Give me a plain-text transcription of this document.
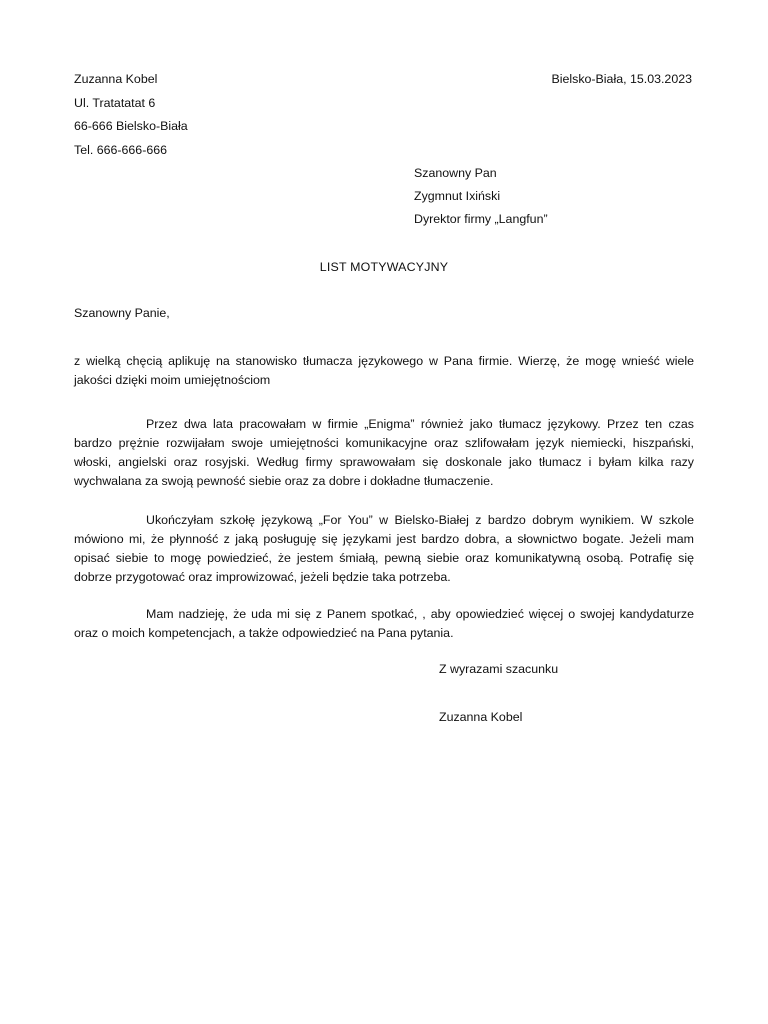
Zuzanna Kobel
Ul. Tratatatat 6
66-666 Bielsko-Biała
Tel. 666-666-666
Bielsko-Biała, 15.03.2023
Szanowny Pan
Zygmnut Ixiński
Dyrektor firmy „Langfun”
LIST MOTYWACYJNY
Szanowny Panie,
z wielką chęcią aplikuję na stanowisko tłumacza językowego w Pana firmie. Wierzę, że mogę wnieść wiele
jakości dzięki moim umiejętnościom
Przez dwa lata pracowałam w firmie „Enigma” również jako tłumacz językowy. Przez ten czas
bardzo prężnie rozwijałam swoje umiejętności komunikacyjne oraz szlifowałam język niemiecki, hiszpański,
włoski, angielski oraz rosyjski. Według firmy sprawowałam się doskonale jako tłumacz i byłam kilka razy
wychwalana za swoją pewność siebie oraz za dobre i dokładne tłumaczenie.
Ukończyłam szkołę językową „For You” w Bielsko-Białej z bardzo dobrym wynikiem. W szkole
mówiono mi, że płynność z jaką posługuję się językami jest bardzo dobra, a słownictwo bogate. Jeżeli mam
opisać siebie to mogę powiedzieć, że jestem śmiałą, pewną siebie oraz komunikatywną osobą. Potrafię się
dobrze przygotować oraz improwizować, jeżeli będzie taka potrzeba.
Mam nadzieję, że uda mi się z Panem spotkać, , aby opowiedzieć więcej o swojej kandydaturze
oraz o moich kompetencjach, a także odpowiedzieć na Pana pytania.
Z wyrazami szacunku
Zuzanna Kobel
